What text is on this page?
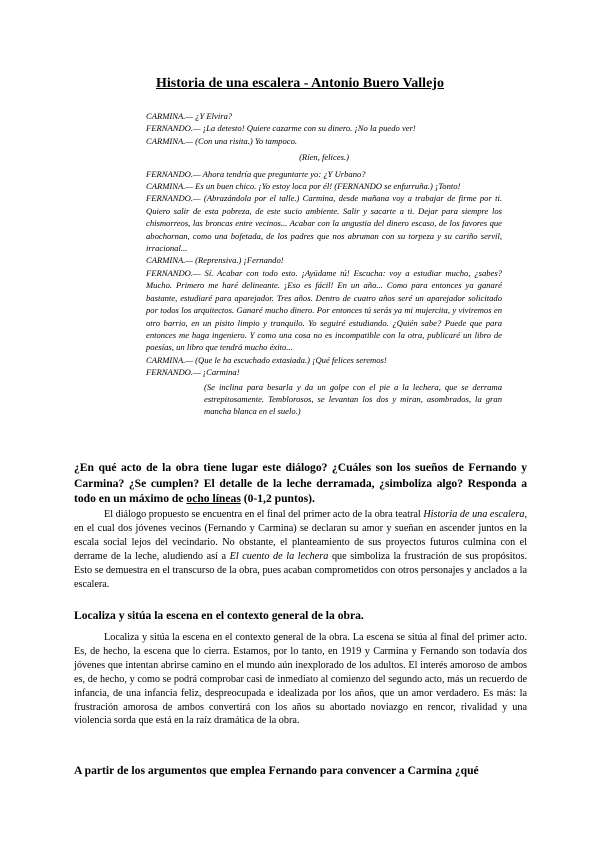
Historia de una escalera - Antonio Buero Vallejo

CARMINA.— ¿Y Elvira?

FERNANDO.— ¡La detesto! Quiere cazarme con su dinero. ¡No la puedo ver!

CARMINA.— (Con una risita.) Yo tampoco.

(Ríen, felices.)

FERNANDO.— Ahora tendría que preguntarte yo: ¿Y Urbano?

CARMINA.— Es un buen chico. ¡Yo estoy loca por él! (FERNANDO se enfurruña.) ¡Tonto!

FERNANDO.— (Abrazándola por el talle.) Carmina, desde mañana voy a trabajar de firme por ti. Quiero salir de esta pobreza, de este sucio ambiente. Salir y sacarte a ti. Dejar para siempre los chismorreos, las broncas entre vecinos... Acabar con la angustia del dinero escaso, de los favores que abochornan, como una bofetada, de los padres que nos abruman con su torpeza y su cariño servil, irracional...

CARMINA.— (Reprensiva.) ¡Fernando!

FERNANDO.— Sí. Acabar con todo esto. ¡Ayúdame tú! Escucha: voy a estudiar mucho, ¿sabes? Mucho. Primero me haré delineante. ¡Eso es fácil! En un año... Como para entonces ya ganaré bastante, estudiaré para aparejador. Tres años. Dentro de cuatro años seré un aparejador solicitado por todos los arquitectos. Ganaré mucho dinero. Por entonces tú serás ya mi mujercita, y viviremos en otro barrio, en un pisito limpio y tranquilo. Yo seguiré estudiando. ¿Quién sabe? Puede que para entonces me haga ingeniero. Y como una cosa no es incompatible con la otra, publicaré un libro de poesías, un libro que tendrá mucho éxito...

CARMINA.— (Que le ha escuchado extasiada.) ¡Qué felices seremos!

FERNANDO.— ¡Carmina!

(Se inclina para besarla y da un golpe con el pie a la lechera, que se derrama estrepitosamente. Temblorosos, se levantan los dos y miran, asombrados, la gran mancha blanca en el suelo.)

¿En qué acto de la obra tiene lugar este diálogo? ¿Cuáles son los sueños de Fernando y Carmina? ¿Se cumplen? El detalle de la leche derramada, ¿simboliza algo? Responda a todo en un máximo de ocho líneas (0-1,2 puntos).

El diálogo propuesto se encuentra en el final del primer acto de la obra teatral Historia de una escalera, en el cual dos jóvenes vecinos (Fernando y Carmina) se declaran su amor y sueñan en ascender juntos en la escala social lejos del vecindario. No obstante, el planteamiento de sus proyectos futuros culmina con el derrame de la leche, aludiendo así a El cuento de la lechera que simboliza la frustración de sus propósitos. Esto se demuestra en el transcurso de la obra, pues acaban comprometidos con otros personajes y anclados a la escalera.

Localiza y sitúa la escena en el contexto general de la obra.

Localiza y sitúa la escena en el contexto general de la obra. La escena se sitúa al final del primer acto. Es, de hecho, la escena que lo cierra. Estamos, por lo tanto, en 1919 y Carmina y Fernando son todavía dos jóvenes que intentan abrirse camino en el mundo aún inexplorado de los adultos. El interés amoroso de ambos es, de hecho, y como se podrá comprobar casi de inmediato al comienzo del segundo acto, más un recuerdo de infancia, de una infancia feliz, despreocupada e idealizada por los años, que un amor verdadero. Es más: la frustración amorosa de ambos convertirá con los años su abortado noviazgo en rencor, rivalidad y una violencia sorda que está en la raíz dramática de la obra.

A partir de los argumentos que emplea Fernando para convencer a Carmina ¿qué
